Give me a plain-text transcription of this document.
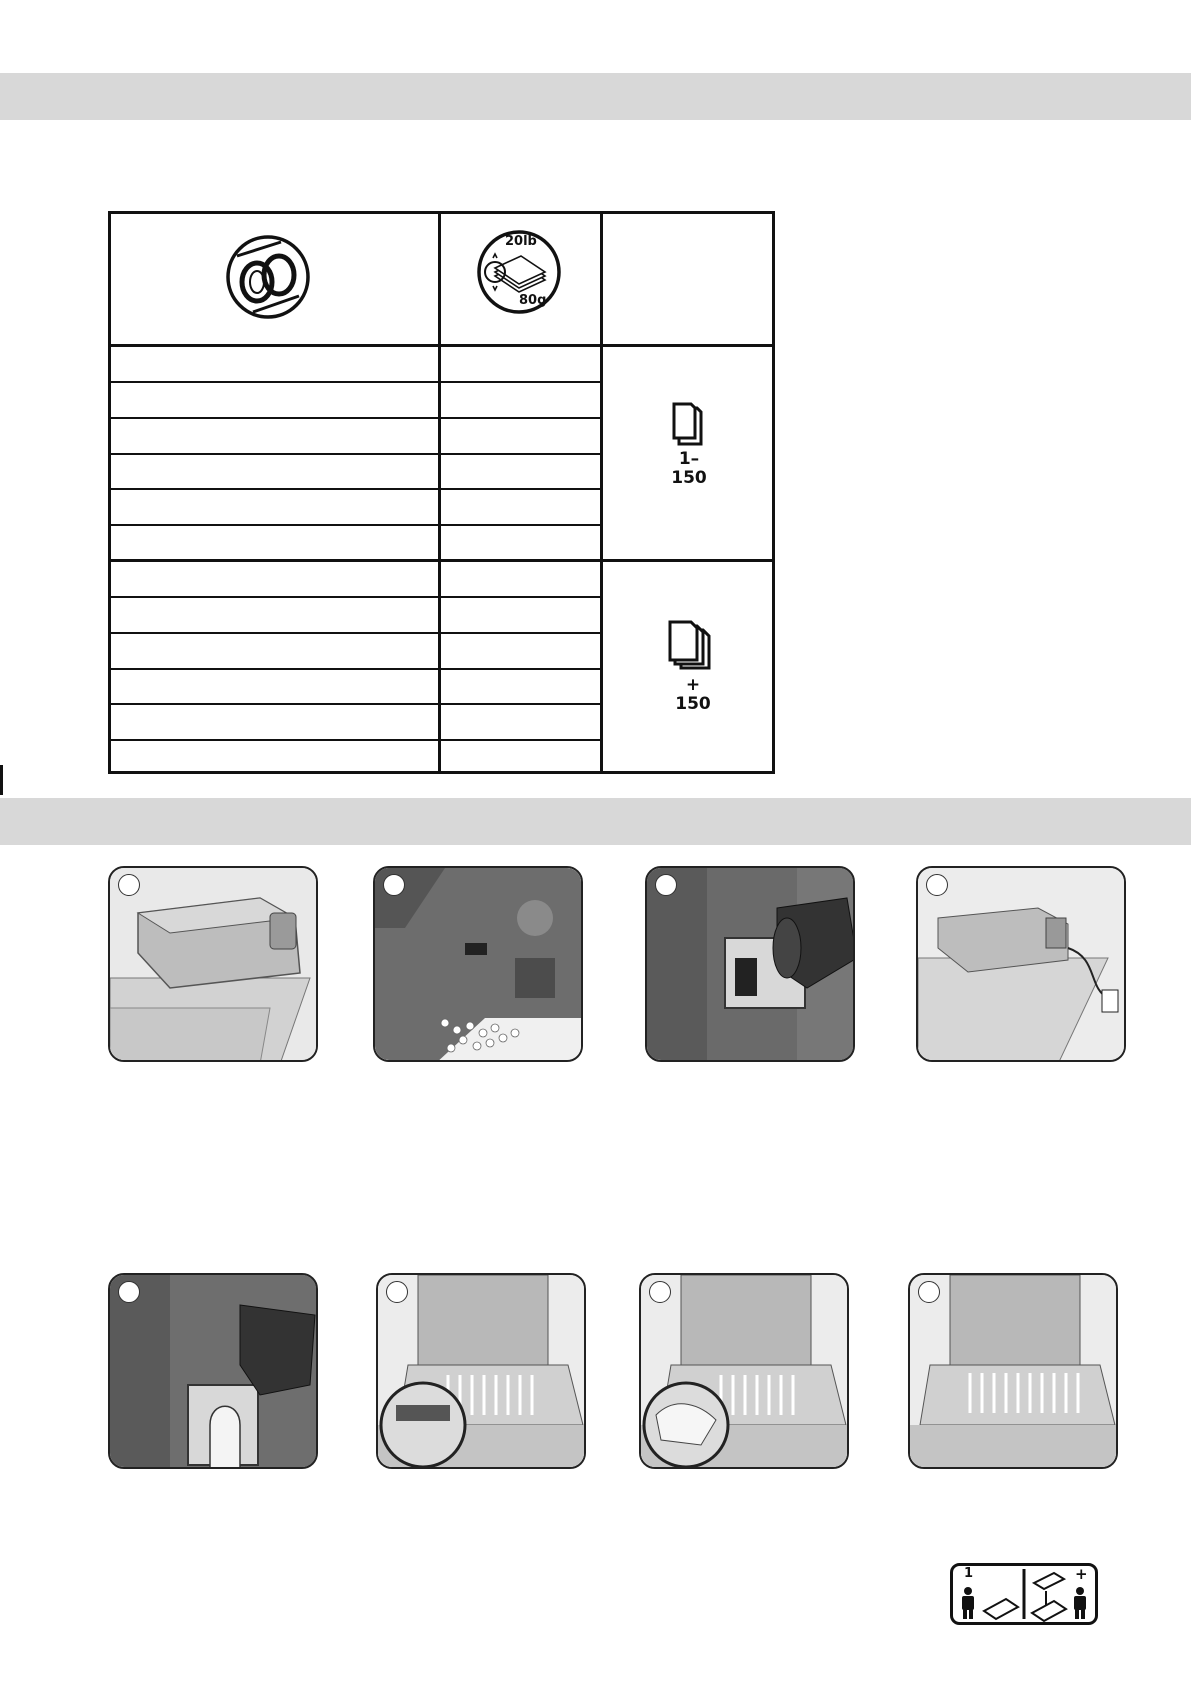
20lb
80g
1–
150
+
150
1	+
